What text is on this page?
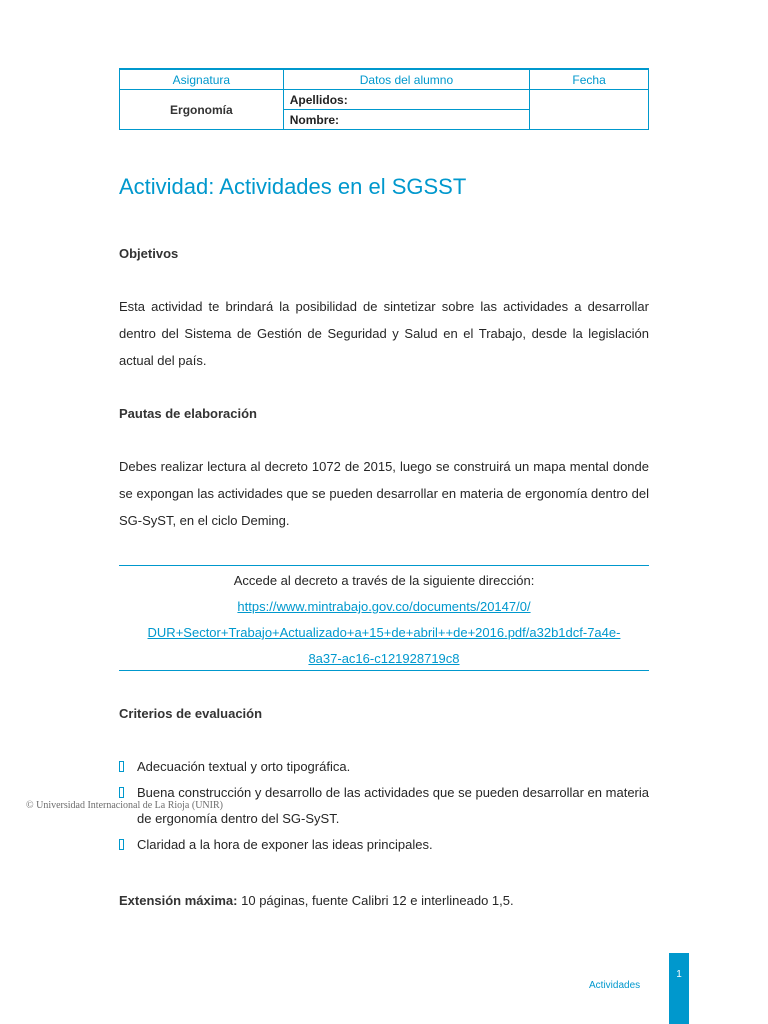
Asignatura	Datos del alumno	Fecha
Ergonomía	Apellidos:	
	Nombre:	
Actividad: Actividades en el SGSST

Objetivos

Esta actividad te brindará la posibilidad de sintetizar sobre las actividades a desarrollar dentro del Sistema de Gestión de Seguridad y Salud en el Trabajo, desde la legislación actual del país.

Pautas de elaboración

Debes realizar lectura al decreto 1072 de 2015, luego se construirá un mapa mental donde se expongan las actividades que se pueden desarrollar en materia de ergonomía dentro del SG-SyST, en el ciclo Deming.

Accede al decreto a través de la siguiente dirección:
https://www.mintrabajo.gov.co/documents/20147/0/
DUR+Sector+Trabajo+Actualizado+a+15+de+abril++de+2016.pdf/a32b1dcf-7a4e-
8a37-ac16-c121928719c8

Criterios de evaluación

Adecuación textual y orto tipográfica.
Buena construcción y desarrollo de las actividades que se pueden desarrollar en materia de ergonomía dentro del SG-SyST.
Claridad a la hora de exponer las ideas principales.

Extensión máxima: 10 páginas, fuente Calibri 12 e interlineado 1,5.

© Universidad Internacional de La Rioja (UNIR)
Actividades
1
